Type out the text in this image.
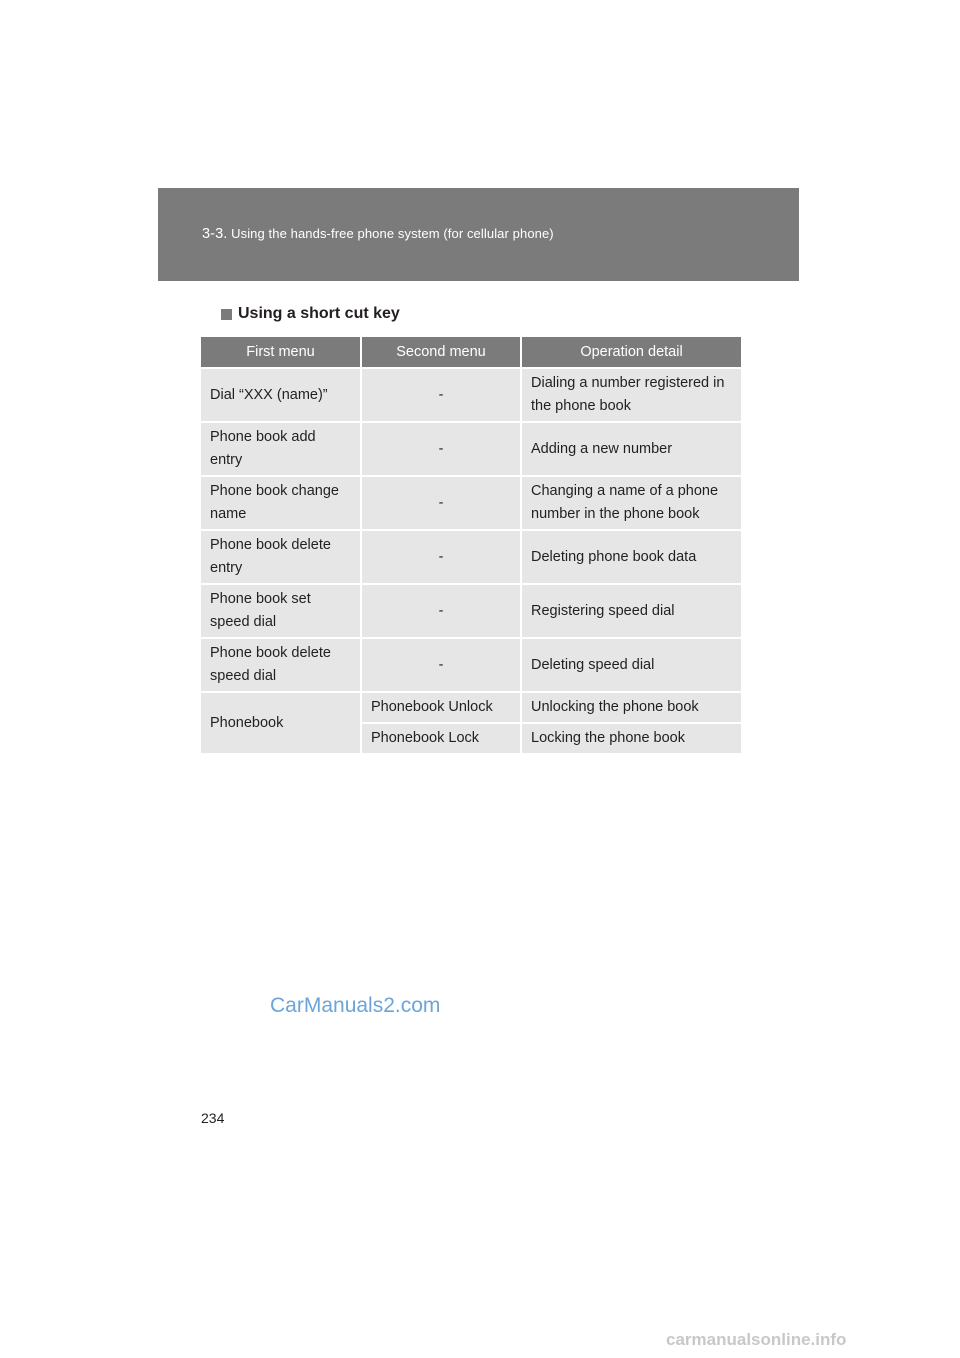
3-3. Using the hands-free phone system (for cellular phone)
Using a short cut key
First menu	Second menu	Operation detail
Dial “XXX (name)”	-	Dialing a number registered in the phone book
Phone book add entry	-	Adding a new number
Phone book change name	-	Changing a name of a phone number in the phone book
Phone book delete entry	-	Deleting phone book data
Phone book set speed dial	-	Registering speed dial
Phone book delete speed dial	-	Deleting speed dial
Phonebook	Phonebook Unlock	Unlocking the phone book
	Phonebook Lock	Locking the phone book
CarManuals2.com
234
carmanualsonline.info
